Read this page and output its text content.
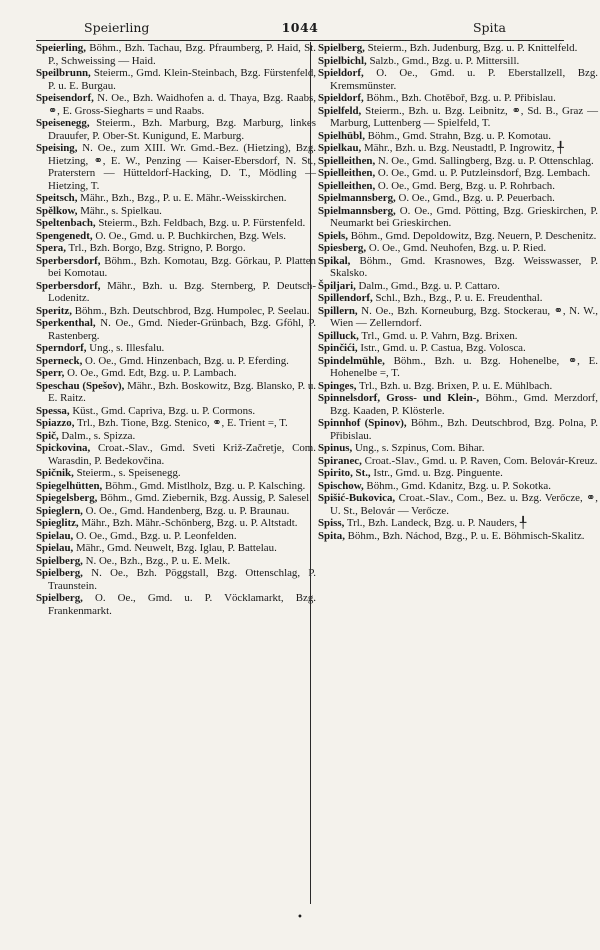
Speierling	1044	Spita
Speierling, Böhm., Bzh. Tachau, Bzg. Pfraumberg, P. Haid, St. P., Schweissing — Haid.
Speilbrunn, Steierm., Gmd. Klein-Steinbach, Bzg. Fürstenfeld, P. u. E. Burgau.
Speisendorf, N. Oe., Bzh. Waidhofen a. d. Thaya, Bzg. Raabs, ⚭, E. Gross-Siegharts = und Raabs.
Speisenegg, Steierm., Bzh. Marburg, Bzg. Marburg, linkes Drauufer, P. Ober-St. Kunigund, E. Marburg.
Speising, N. Oe., zum XIII. Wr. Gmd.-Bez. (Hietzing), Bzg. Hietzing, ⚭, E. W., Penzing — Kaiser-Ebersdorf, N. St., Praterstern — Hütteldorf-Hacking, D. T., Mödling — Hietzing, T.
Speitsch, Mähr., Bzh., Bzg., P. u. E. Mähr.-Weisskirchen.
Spělkow, Mähr., s. Spielkau.
Speltenbach, Steierm., Bzh. Feldbach, Bzg. u. P. Fürstenfeld.
Spengenedt, O. Oe., Gmd. u. P. Buchkirchen, Bzg. Wels.
Spera, Trl., Bzh. Borgo, Bzg. Strigno, P. Borgo.
Sperbersdorf, Böhm., Bzh. Komotau, Bzg. Görkau, P. Platten bei Komotau.
Sperbersdorf, Mähr., Bzh. u. Bzg. Sternberg, P. Deutsch-Lodenitz.
Speritz, Böhm., Bzh. Deutschbrod, Bzg. Humpolec, P. Seelau.
Sperkenthal, N. Oe., Gmd. Nieder-Grünbach, Bzg. Gföhl, P. Rastenberg.
Sperndorf, Ung., s. Illesfalu.
Sperneck, O. Oe., Gmd. Hinzenbach, Bzg. u. P. Eferding.
Sperr, O. Oe., Gmd. Edt, Bzg. u. P. Lambach.
Speschau (Spešov), Mähr., Bzh. Boskowitz, Bzg. Blansko, P. u. E. Raitz.
Spessa, Küst., Gmd. Capriva, Bzg. u. P. Cormons.
Spiazzo, Trl., Bzh. Tione, Bzg. Stenico, ⚭, E. Trient =, T.
Spič, Dalm., s. Spizza.
Spickovina, Croat.-Slav., Gmd. Sveti Križ-Začretje, Com. Warasdin, P. Bedekovčina.
Spičnik, Steierm., s. Speisenegg.
Spiegelhütten, Böhm., Gmd. Mistlholz, Bzg. u. P. Kalsching.
Spiegelsberg, Böhm., Gmd. Ziebernik, Bzg. Aussig, P. Salesel.
Spieglern, O. Oe., Gmd. Handenberg, Bzg. u. P. Braunau.
Spieglitz, Mähr., Bzh. Mähr.-Schönberg, Bzg. u. P. Altstadt.
Spielau, O. Oe., Gmd., Bzg. u. P. Leonfelden.
Spielau, Mähr., Gmd. Neuwelt, Bzg. Iglau, P. Battelau.
Spielberg, N. Oe., Bzh., Bzg., P. u. E. Melk.
Spielberg, N. Oe., Bzh. Pöggstall, Bzg. Ottenschlag, P. Traunstein.
Spielberg, O. Oe., Gmd. u. P. Vöcklamarkt, Bzg. Frankenmarkt.
Spielberg, Steierm., Bzh. Judenburg, Bzg. u. P. Knittelfeld.
Spielbichl, Salzb., Gmd., Bzg. u. P. Mittersill.
Spieldorf, O. Oe., Gmd. u. P. Eberstallzell, Bzg. Kremsmünster.
Spieldorf, Böhm., Bzh. Chotěboř, Bzg. u. P. Přibislau.
Spielfeld, Steierm., Bzh. u. Bzg. Leibnitz, ⚭, Sd. B., Graz — Marburg, Luttenberg — Spielfeld, T.
Spielhübl, Böhm., Gmd. Strahn, Bzg. u. P. Komotau.
Spielkau, Mähr., Bzh. u. Bzg. Neustadtl, P. Ingrowitz, ╀
Spielleithen, N. Oe., Gmd. Sallingberg, Bzg. u. P. Ottenschlag.
Spielleithen, O. Oe., Gmd. u. P. Putzleinsdorf, Bzg. Lembach.
Spielleithen, O. Oe., Gmd. Berg, Bzg. u. P. Rohrbach.
Spielmannsberg, O. Oe., Gmd., Bzg. u. P. Peuerbach.
Spielmannsberg, O. Oe., Gmd. Pötting, Bzg. Grieskirchen, P. Neumarkt bei Grieskirchen.
Spiels, Böhm., Gmd. Depoldowitz, Bzg. Neuern, P. Deschenitz.
Spiesberg, O. Oe., Gmd. Neuhofen, Bzg. u. P. Ried.
Spikal, Böhm., Gmd. Krasnowes, Bzg. Weisswasser, P. Skalsko.
Špiljari, Dalm., Gmd., Bzg. u. P. Cattaro.
Spillendorf, Schl., Bzh., Bzg., P. u. E. Freudenthal.
Spillern, N. Oe., Bzh. Korneuburg, Bzg. Stockerau, ⚭, N. W., Wien — Zellerndorf.
Spilluck, Trl., Gmd. u. P. Vahrn, Bzg. Brixen.
Spinčići, Istr., Gmd. u. P. Castua, Bzg. Volosca.
Spindelmühle, Böhm., Bzh. u. Bzg. Hohenelbe, ⚭, E. Hohenelbe =, T.
Spinges, Trl., Bzh. u. Bzg. Brixen, P. u. E. Mühlbach.
Spinnelsdorf, Gross- und Klein-, Böhm., Gmd. Merzdorf, Bzg. Kaaden, P. Klösterle.
Spinnhof (Spinov), Böhm., Bzh. Deutschbrod, Bzg. Polna, P. Přibislau.
Spinus, Ung., s. Szpinus, Com. Bihar.
Spiranec, Croat.-Slav., Gmd. u. P. Raven, Com. Belovár-Kreuz.
Spirito, St., Istr., Gmd. u. Bzg. Pinguente.
Spischow, Böhm., Gmd. Kdanitz, Bzg. u. P. Sokotka.
Spišić-Bukovica, Croat.-Slav., Com., Bez. u. Bzg. Verőcze, ⚭, U. St., Belovár — Verőcze.
Spiss, Trl., Bzh. Landeck, Bzg. u. P. Nauders, ╀
Spita, Böhm., Bzh. Náchod, Bzg., P. u. E. Böhmisch-Skalitz.
•
